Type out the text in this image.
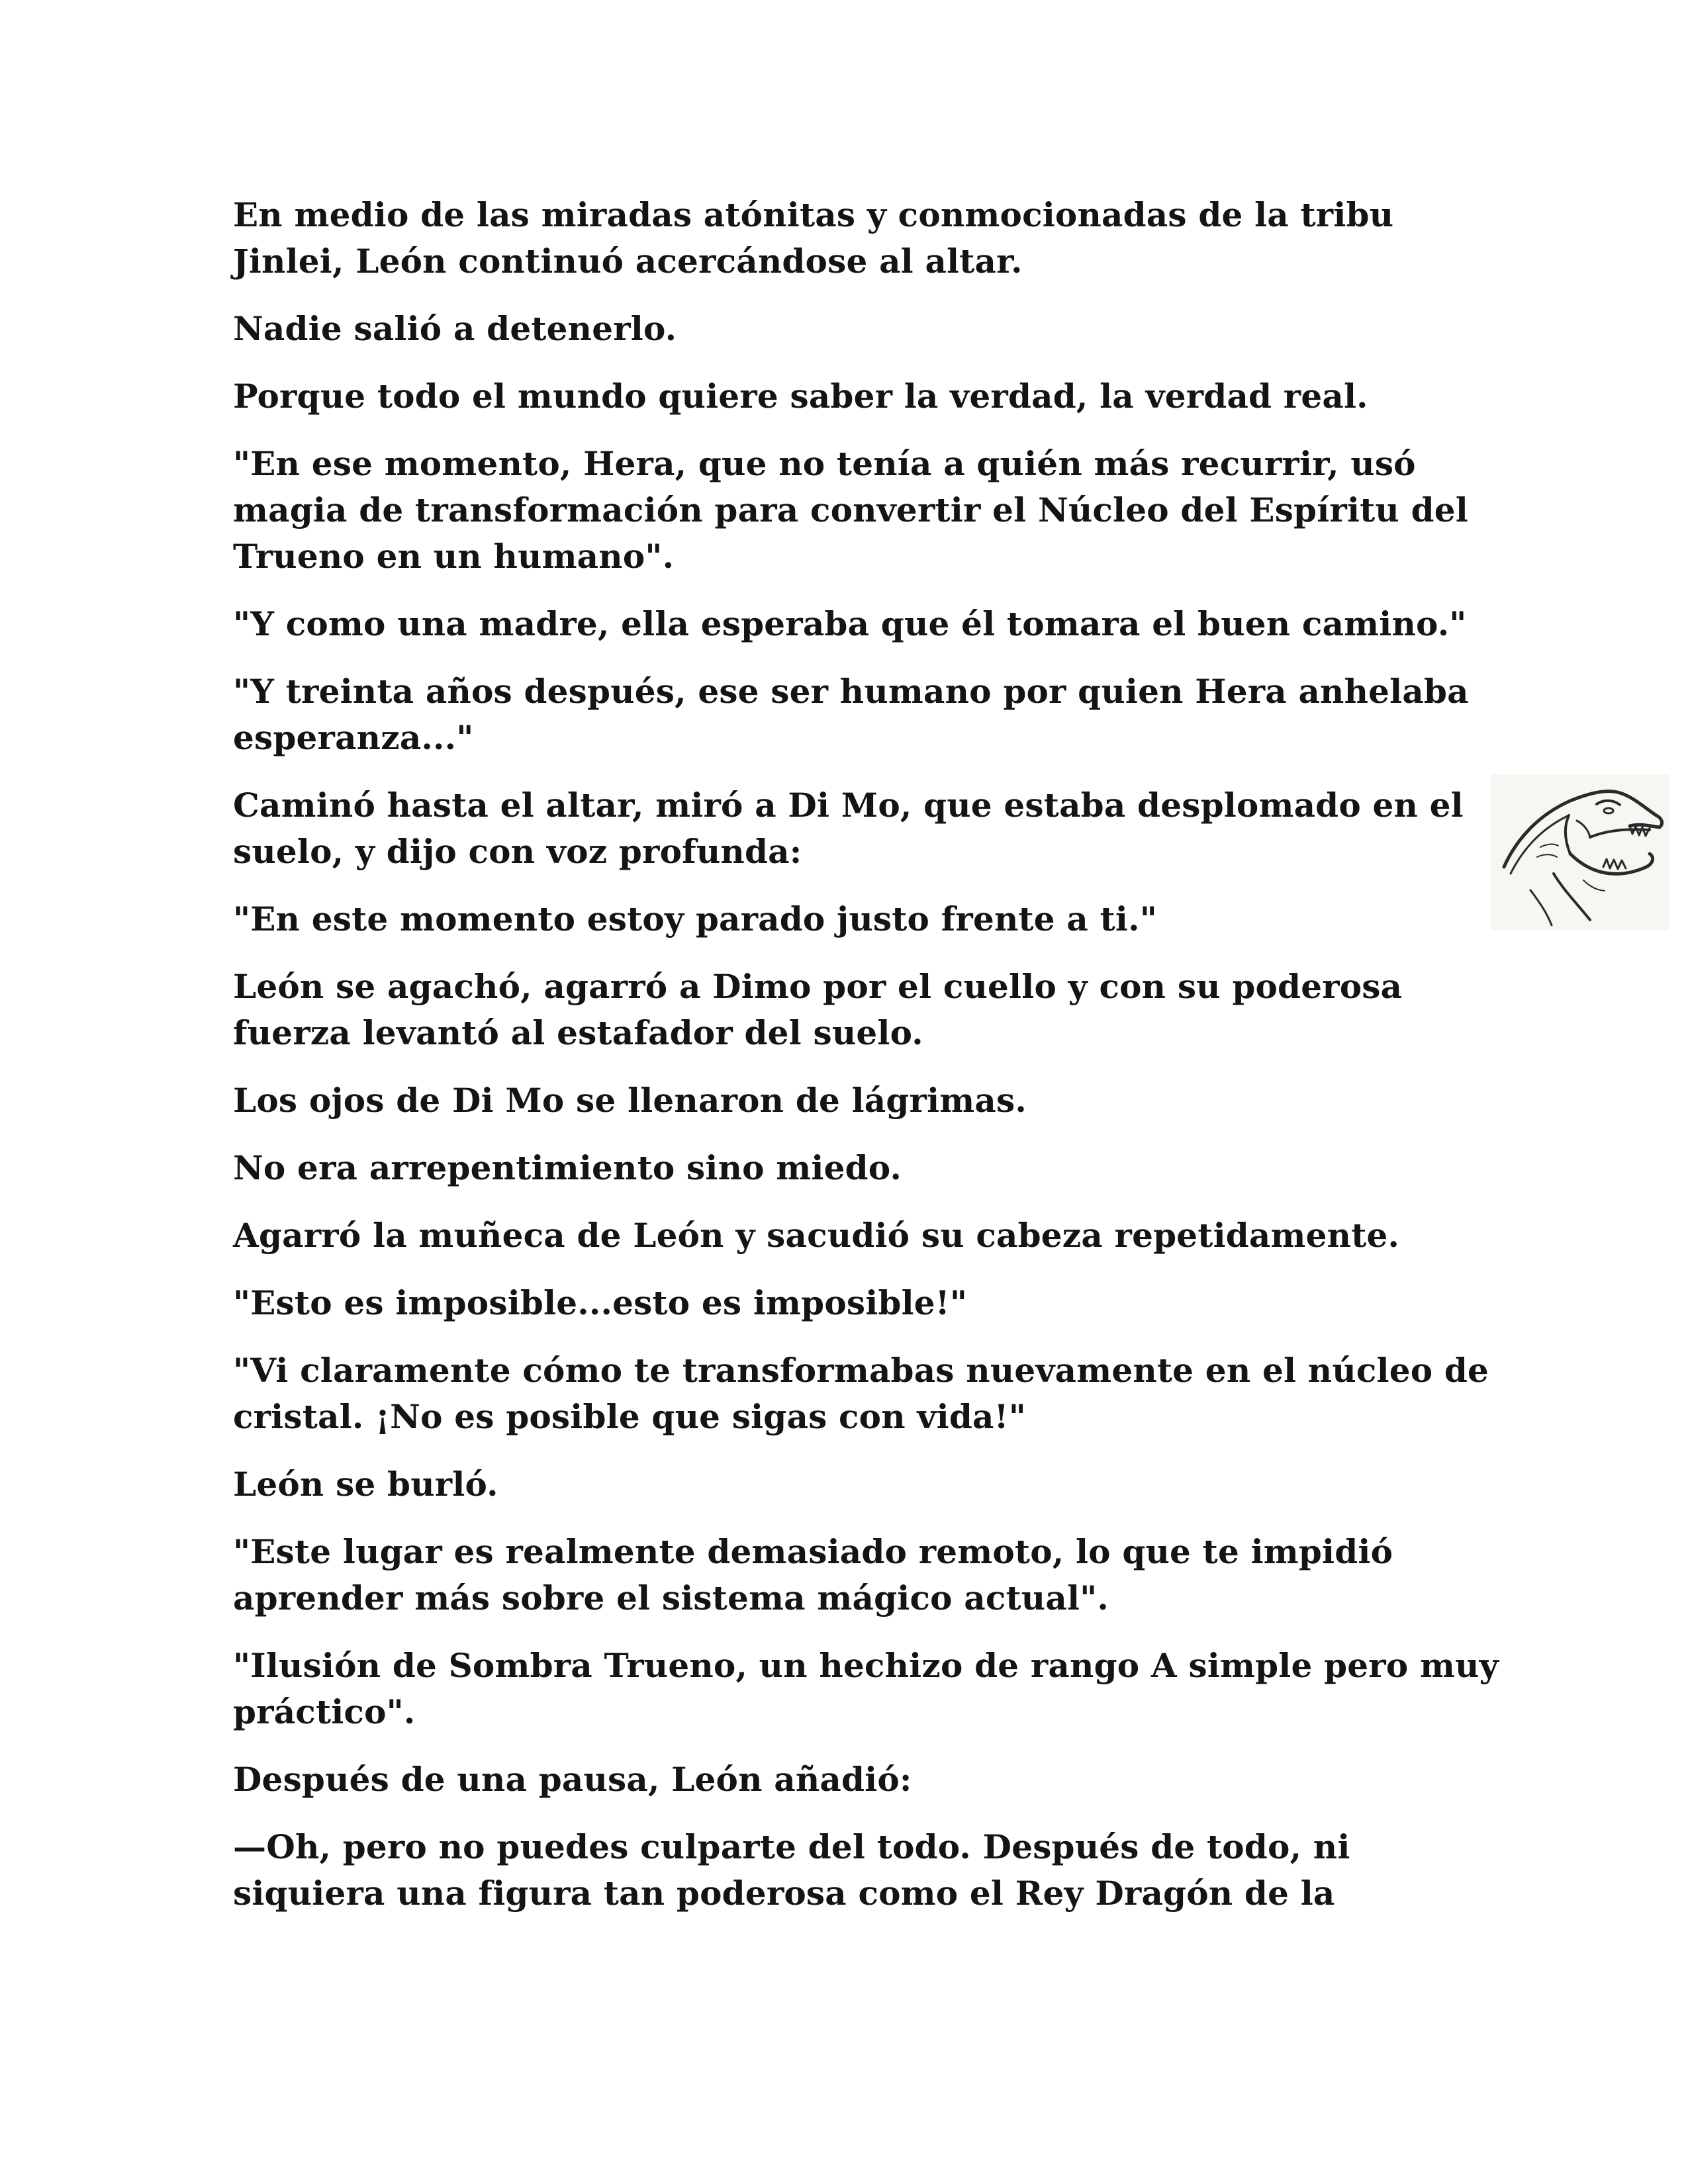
En medio de las miradas atónitas y conmocionadas de la tribu Jinlei, León continuó acercándose al altar.

Nadie salió a detenerlo.

Porque todo el mundo quiere saber la verdad, la verdad real.

"En ese momento, Hera, que no tenía a quién más recurrir, usó magia de transformación para convertir el Núcleo del Espíritu del Trueno en un humano".

"Y como una madre, ella esperaba que él tomara el buen camino."

"Y treinta años después, ese ser humano por quien Hera anhelaba esperanza..."

Caminó hasta el altar, miró a Di Mo, que estaba desplomado en el suelo, y dijo con voz profunda:

"En este momento estoy parado justo frente a ti."

León se agachó, agarró a Dimo por el cuello y con su poderosa fuerza levantó al estafador del suelo.

Los ojos de Di Mo se llenaron de lágrimas.

No era arrepentimiento sino miedo.

Agarró la muñeca de León y sacudió su cabeza repetidamente.

"Esto es imposible...esto es imposible!"

"Vi claramente cómo te transformabas nuevamente en el núcleo de cristal. ¡No es posible que sigas con vida!"

León se burló.

"Este lugar es realmente demasiado remoto, lo que te impidió aprender más sobre el sistema mágico actual".

"Ilusión de Sombra Trueno, un hechizo de rango A simple pero muy práctico".

Después de una pausa, León añadió:

—Oh, pero no puedes culparte del todo. Después de todo, ni siquiera una figura tan poderosa como el Rey Dragón de la
